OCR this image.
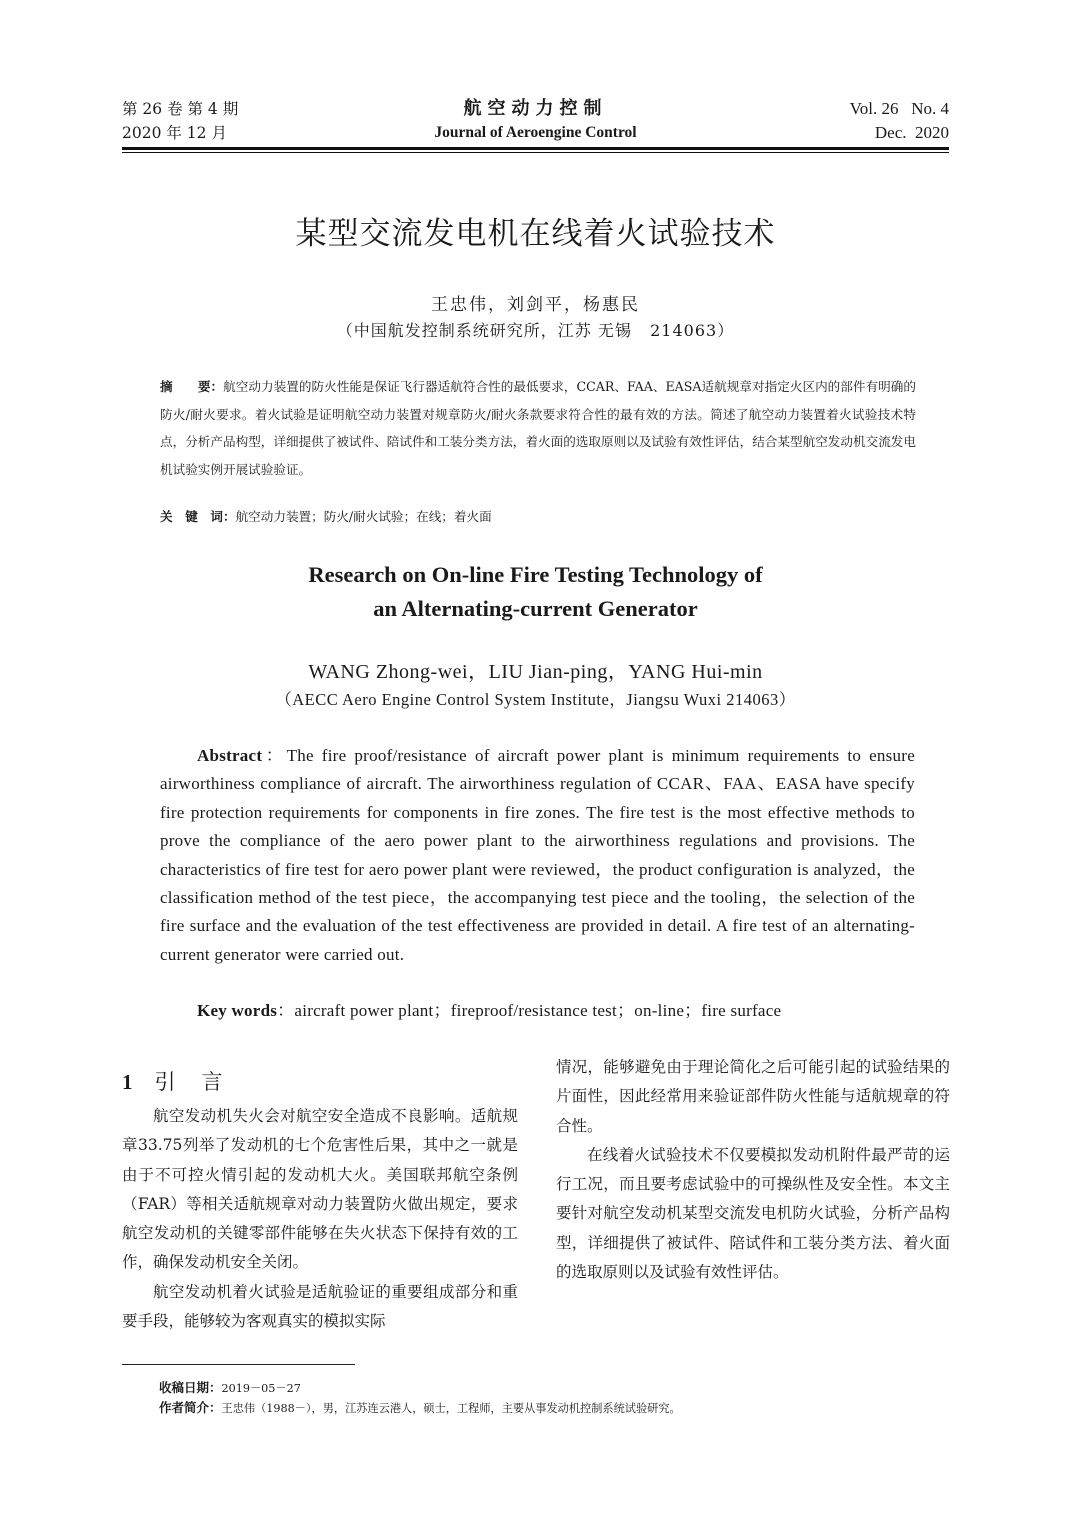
第 26 卷 第 4 期
2020 年 12 月
航空动力控制
Journal of Aeroengine Control
Vol. 26   No. 4
Dec.  2020
某型交流发电机在线着火试验技术
王忠伟，刘剑平，杨惠民
（中国航发控制系统研究所，江苏 无锡   214063）
摘　　要：航空动力装置的防火性能是保证飞行器适航符合性的最低要求，CCAR、FAA、EASA适航规章对指定火区内的部件有明确的防火/耐火要求。着火试验是证明航空动力装置对规章防火/耐火条款要求符合性的最有效的方法。简述了航空动力装置着火试验技术特点，分析产品构型，详细提供了被试件、陪试件和工装分类方法，着火面的选取原则以及试验有效性评估，结合某型航空发动机交流发电机试验实例开展试验验证。
关　键　词：航空动力装置；防火/耐火试验；在线；着火面
Research on On-line Fire Testing Technology of
an Alternating-current Generator
WANG Zhong-wei，LIU Jian-ping，YANG Hui-min
（AECC Aero Engine Control System Institute，Jiangsu Wuxi 214063）
Abstract：The fire proof/resistance of aircraft power plant is minimum requirements to ensure airworthiness compliance of aircraft. The airworthiness regulation of CCAR、FAA、EASA have specify fire protection requirements for components in fire zones. The fire test is the most effective methods to prove the compliance of the aero power plant to the airworthiness regulations and provisions. The characteristics of fire test for aero power plant were reviewed，the product configuration is analyzed，the classification method of the test piece，the accompanying test piece and the tooling，the selection of the fire surface and the evaluation of the test effectiveness are provided in detail. A fire test of an alternating-current generator were carried out.
Key words：aircraft power plant；fireproof/resistance test；on-line；fire surface
1 引言

航空发动机失火会对航空安全造成不良影响。适航规章33.75列举了发动机的七个危害性后果，其中之一就是由于不可控火情引起的发动机大火。美国联邦航空条例（FAR）等相关适航规章对动力装置防火做出规定，要求航空发动机的关键零部件能够在失火状态下保持有效的工作，确保发动机安全关闭。

航空发动机着火试验是适航验证的重要组成部分和重要手段，能够较为客观真实的模拟实际

情况，能够避免由于理论简化之后可能引起的试验结果的片面性，因此经常用来验证部件防火性能与适航规章的符合性。

在线着火试验技术不仅要模拟发动机附件最严苛的运行工况，而且要考虑试验中的可操纵性及安全性。本文主要针对航空发动机某型交流发电机防火试验，分析产品构型，详细提供了被试件、陪试件和工装分类方法、着火面的选取原则以及试验有效性评估。

收稿日期：2019－05－27
作者简介：王忠伟（1988－），男，江苏连云港人，硕士，工程师，主要从事发动机控制系统试验研究。
